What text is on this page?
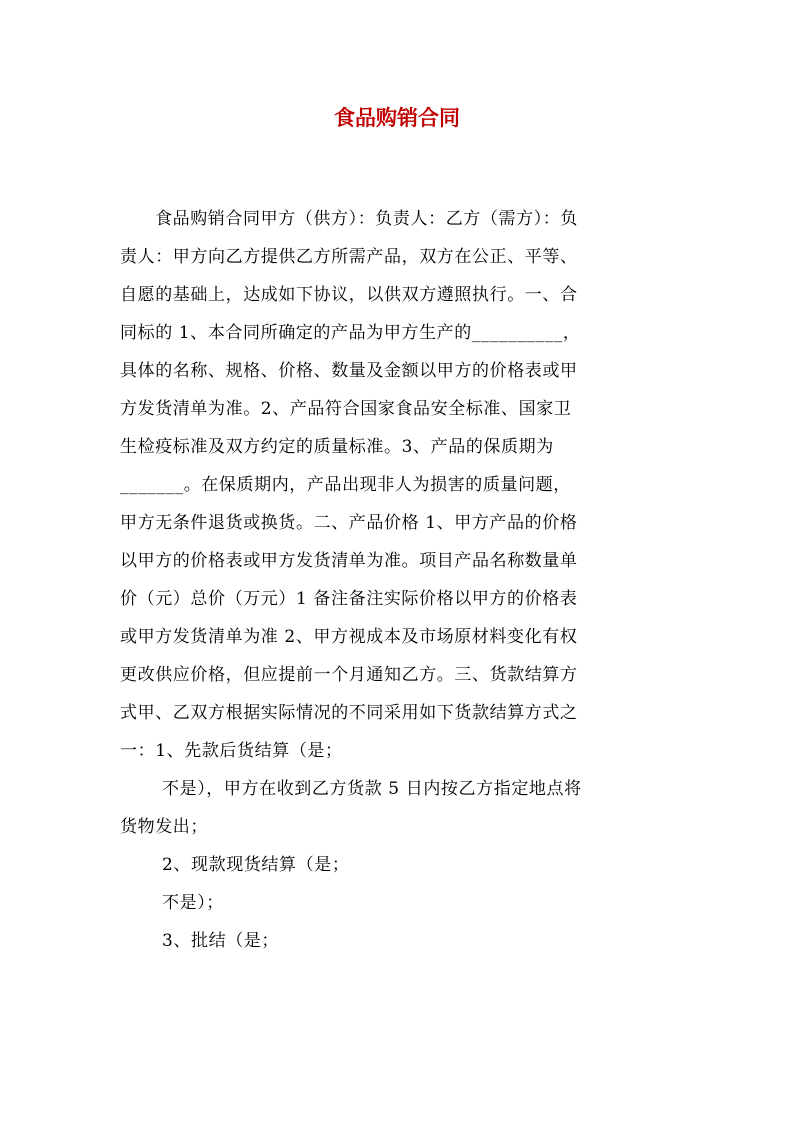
食品购销合同

食品购销合同甲方（供方）：负责人：乙方（需方）：负

责人：甲方向乙方提供乙方所需产品，双方在公正、平等、

自愿的基础上，达成如下协议，以供双方遵照执行。一、合

同标的 1、本合同所确定的产品为甲方生产的__________，

具体的名称、规格、价格、数量及金额以甲方的价格表或甲

方发货清单为准。2、产品符合国家食品安全标准、国家卫

生检疫标准及双方约定的质量标准。3、产品的保质期为

_______。在保质期内，产品出现非人为损害的质量问题，

甲方无条件退货或换货。二、产品价格 1、甲方产品的价格

以甲方的价格表或甲方发货清单为准。项目产品名称数量单

价（元）总价（万元）1 备注备注实际价格以甲方的价格表

或甲方发货清单为准 2、甲方视成本及市场原材料变化有权

更改供应价格，但应提前一个月通知乙方。三、货款结算方

式甲、乙双方根据实际情况的不同采用如下货款结算方式之

一：1、先款后货结算（是；

不是），甲方在收到乙方货款 5 日内按乙方指定地点将

货物发出；

2、现款现货结算（是；

不是）；

3、批结（是；
